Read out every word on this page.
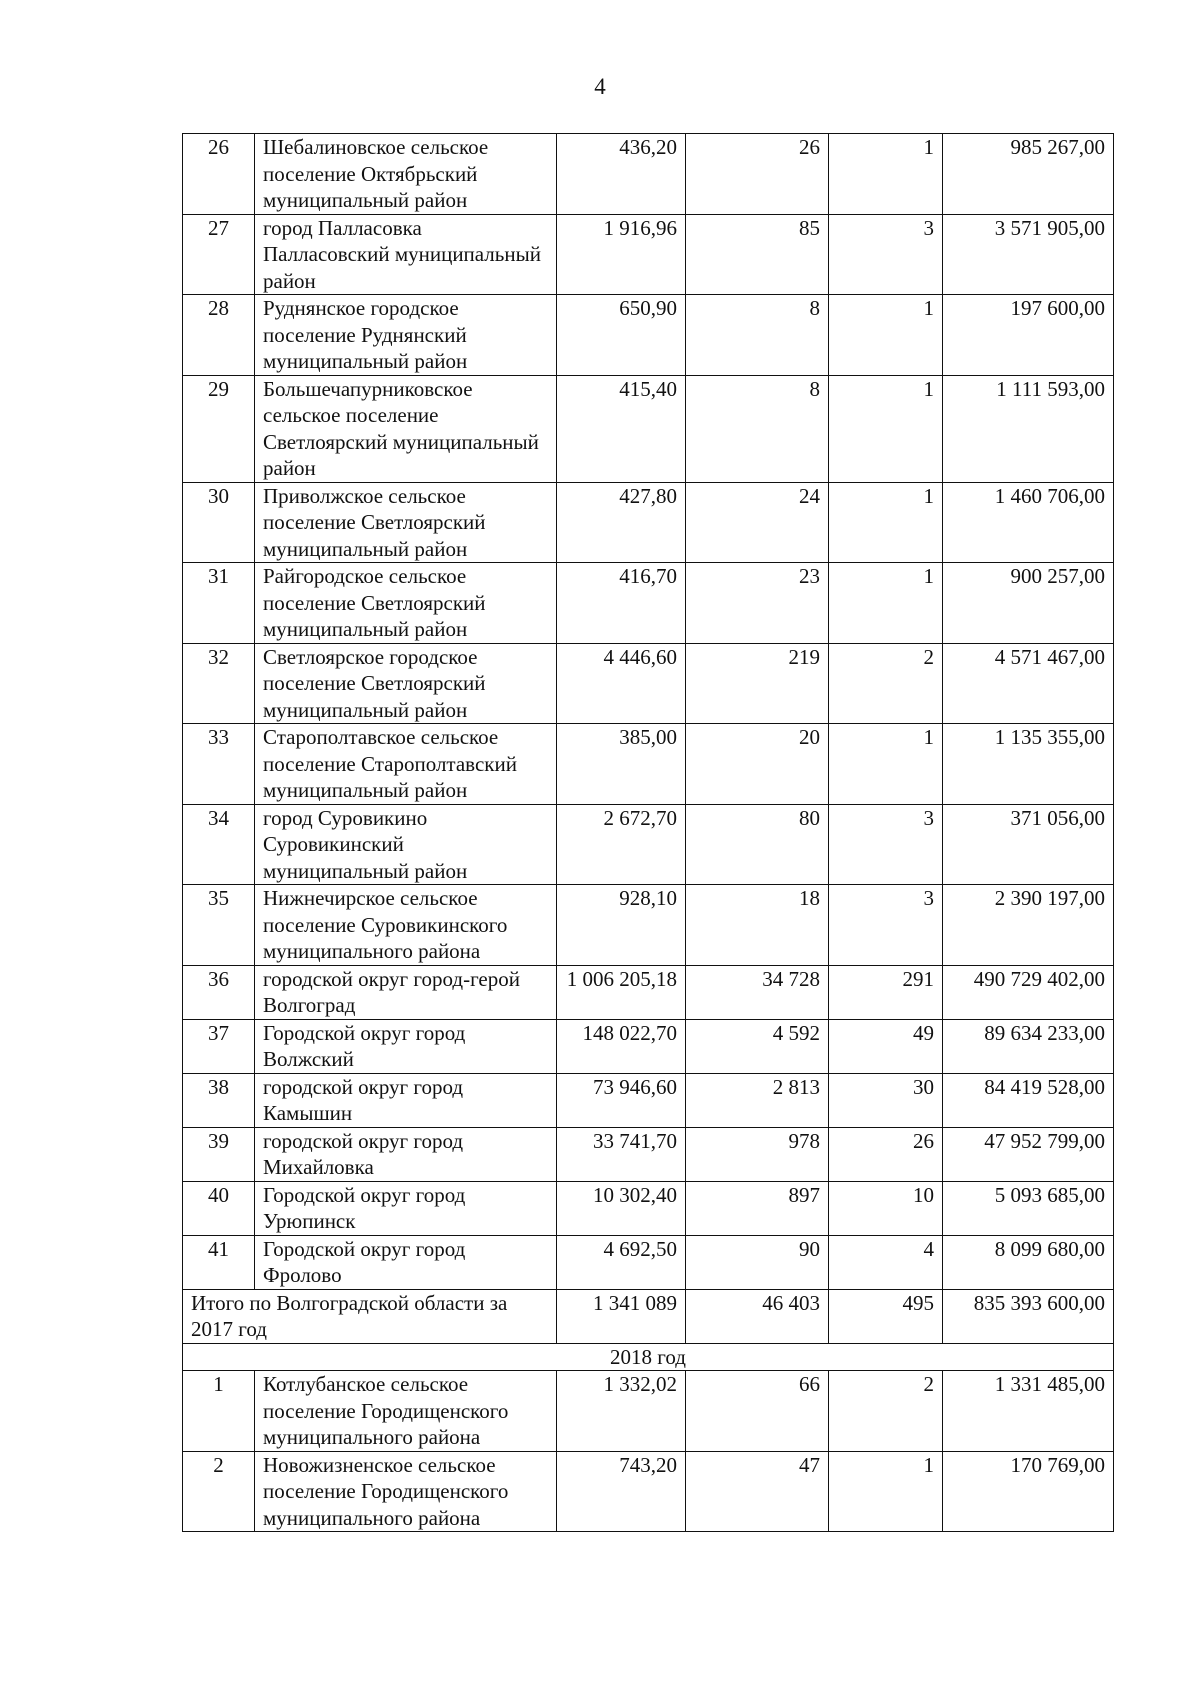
4
26	Шебалиновское сельское поселение Октябрьский муниципальный район	436,20	26	1	985 267,00
27	город Палласовка Палласовский муниципальный район	1 916,96	85	3	3 571 905,00
28	Руднянское городское поселение Руднянский муниципальный район	650,90	8	1	197 600,00
29	Большечапурниковское сельское поселение Светлоярский муниципальный район	415,40	8	1	1 111 593,00
30	Приволжское сельское поселение Светлоярский муниципальный район	427,80	24	1	1 460 706,00
31	Райгородское сельское поселение Светлоярский муниципальный район	416,70	23	1	900 257,00
32	Светлоярское городское поселение Светлоярский муниципальный район	4 446,60	219	2	4 571 467,00
33	Старополтавское сельское поселение Старополтавский муниципальный район	385,00	20	1	1 135 355,00
34	город Суровикино Суровикинский муниципальный район	2 672,70	80	3	371 056,00
35	Нижнечирское сельское поселение Суровикинского муниципального района	928,10	18	3	2 390 197,00
36	городской округ город-герой Волгоград	1 006 205,18	34 728	291	490 729 402,00
37	Городской округ город Волжский	148 022,70	4 592	49	89 634 233,00
38	городской округ город Камышин	73 946,60	2 813	30	84 419 528,00
39	городской округ город Михайловка	33 741,70	978	26	47 952 799,00
40	Городской округ город Урюпинск	10 302,40	897	10	5 093 685,00
41	Городской округ город Фролово	4 692,50	90	4	8 099 680,00
Итого по Волгоградской области за 2017 год		1 341 089	46 403	495	835 393 600,00
2018 год					
1	Котлубанское сельское поселение Городищенского муниципального района	1 332,02	66	2	1 331 485,00
2	Новожизненское сельское поселение Городищенского муниципального района	743,20	47	1	170 769,00
